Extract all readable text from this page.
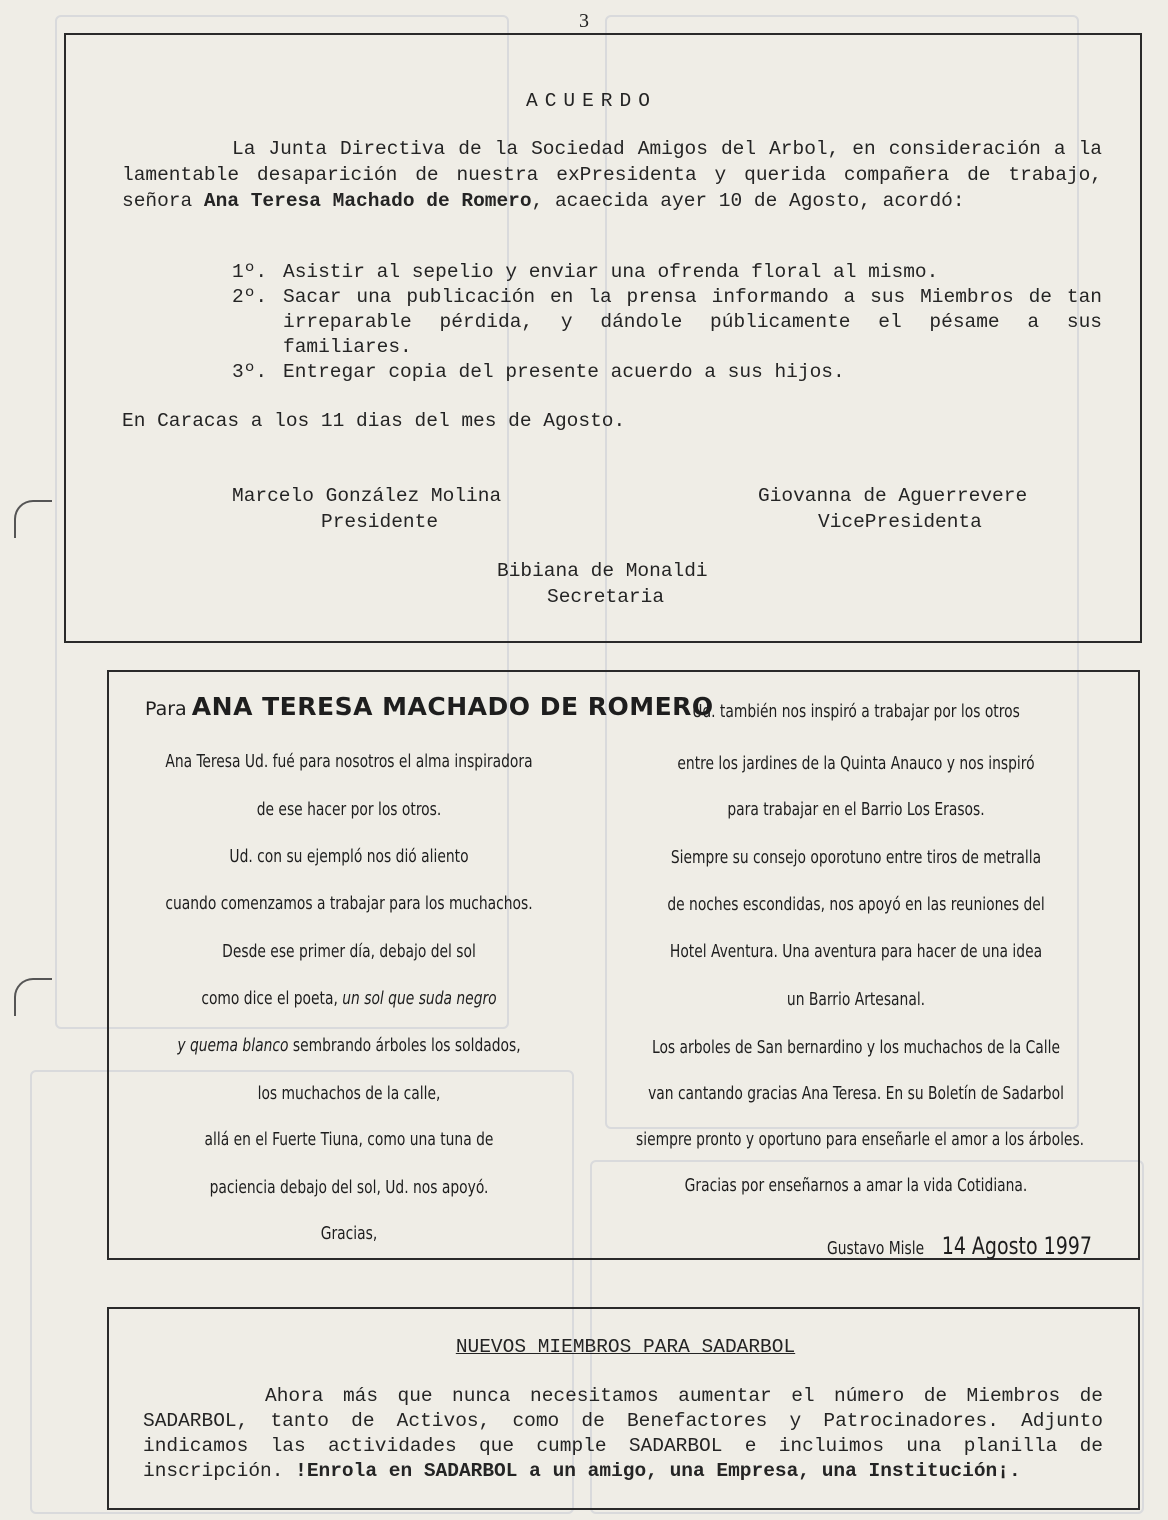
3
ACUERDO
La Junta Directiva de la Sociedad Amigos del Arbol, en consideración a la lamentable desaparición de nuestra exPresidenta y querida compañera de trabajo, señora Ana Teresa Machado de Romero, acaecida ayer 10 de Agosto, acordó:
1º. Asistir al sepelio y enviar una ofrenda floral al mismo.
2º. Sacar una publicación en la prensa informando a sus Miembros de tan irreparable pérdida, y dándole públicamente el pésame a sus familiares.
3º. Entregar copia del presente acuerdo a sus hijos.
En Caracas a los 11 dias del mes de Agosto.
Marcelo González Molina
Presidente
Giovanna de Aguerrevere
VicePresidenta
Bibiana de Monaldi
Secretaria
Para ANA TERESA MACHADO DE ROMERO
Ana Teresa Ud. fué para nosotros el alma inspiradora
de ese hacer por los otros.
Ud. con su ejempló nos dió aliento
cuando comenzamos a trabajar para los muchachos.
Desde ese primer día, debajo del sol
como dice el poeta, un sol que suda negro
y quema blanco sembrando árboles los soldados,
los muchachos de la calle,
allá en el Fuerte Tiuna, como una tuna de
paciencia debajo del sol, Ud. nos apoyó.
Gracias,
Ud. también nos inspiró a trabajar por los otros
entre los jardines de la Quinta Anauco y nos inspiró
para trabajar en el Barrio Los Erasos.
Siempre su consejo oporotuno entre tiros de metralla
de noches escondidas, nos apoyó en las reuniones del
Hotel Aventura. Una aventura para hacer de una idea
un Barrio Artesanal.
Los arboles de San bernardino y los muchachos de la Calle
van cantando gracias Ana Teresa. En su Boletín de Sadarbol
siempre pronto y oportuno para enseñarle el amor a los árboles.
Gracias por enseñarnos a amar la vida Cotidiana.
Gustavo Misle 14 Agosto 1997
NUEVOS MIEMBROS PARA SADARBOL
Ahora más que nunca necesitamos aumentar el número de Miembros de SADARBOL, tanto de Activos, como de Benefactores y Patrocinadores. Adjunto indicamos las actividades que cumple SADARBOL e incluimos una planilla de inscripción. !Enrola en SADARBOL a un amigo, una Empresa, una Institución¡.
